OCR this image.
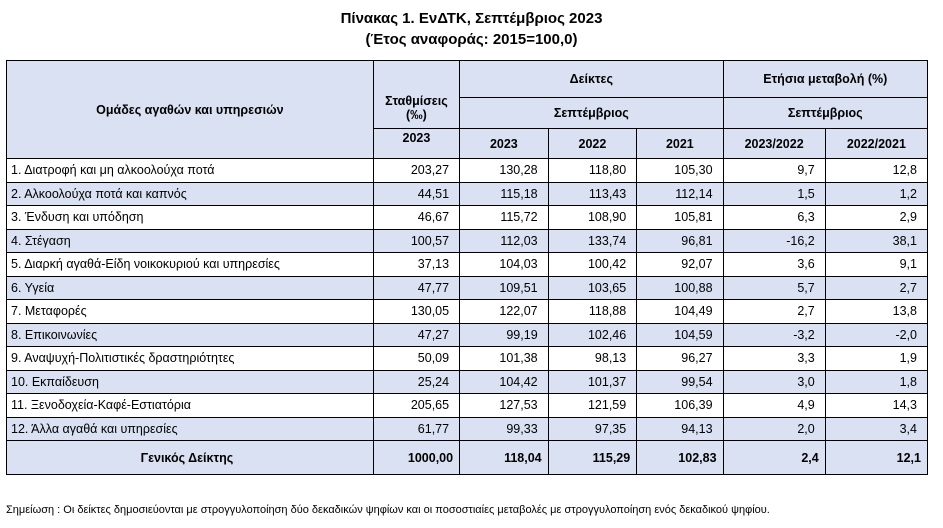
Πίνακας 1. ΕνΔΤΚ, Σεπτέμβριος 2023
(Έτος αναφοράς: 2015=100,0)
Ομάδες αγαθών και υπηρεσιών	Σταθμίσεις (‰)	Δείκτες			Ετήσια μεταβολή (%)	
		Σεπτέμβριος			Σεπτέμβριος	
	2023	2023	2022	2021	2023/2022	2022/2021
1. Διατροφή και μη αλκοολούχα ποτά	203,27	130,28	118,80	105,30	9,7	12,8
2. Αλκοολούχα ποτά και καπνός	44,51	115,18	113,43	112,14	1,5	1,2
3. Ένδυση και υπόδηση	46,67	115,72	108,90	105,81	6,3	2,9
4. Στέγαση	100,57	112,03	133,74	96,81	-16,2	38,1
5. Διαρκή αγαθά-Είδη νοικοκυριού και υπηρεσίες	37,13	104,03	100,42	92,07	3,6	9,1
6. Υγεία	47,77	109,51	103,65	100,88	5,7	2,7
7. Μεταφορές	130,05	122,07	118,88	104,49	2,7	13,8
8. Επικοινωνίες	47,27	99,19	102,46	104,59	-3,2	-2,0
9. Αναψυχή-Πολιτιστικές δραστηριότητες	50,09	101,38	98,13	96,27	3,3	1,9
10. Εκπαίδευση	25,24	104,42	101,37	99,54	3,0	1,8
11. Ξενοδοχεία-Καφέ-Εστιατόρια	205,65	127,53	121,59	106,39	4,9	14,3
12. Άλλα αγαθά και υπηρεσίες	61,77	99,33	97,35	94,13	2,0	3,4
Γενικός Δείκτης	1000,00	118,04	115,29	102,83	2,4	12,1
Σημείωση : Οι δείκτες δημοσιεύονται με στρογγυλοποίηση δύο δεκαδικών ψηφίων και οι ποσοστιαίες μεταβολές με στρογγυλοποίηση ενός δεκαδικού ψηφίου.
